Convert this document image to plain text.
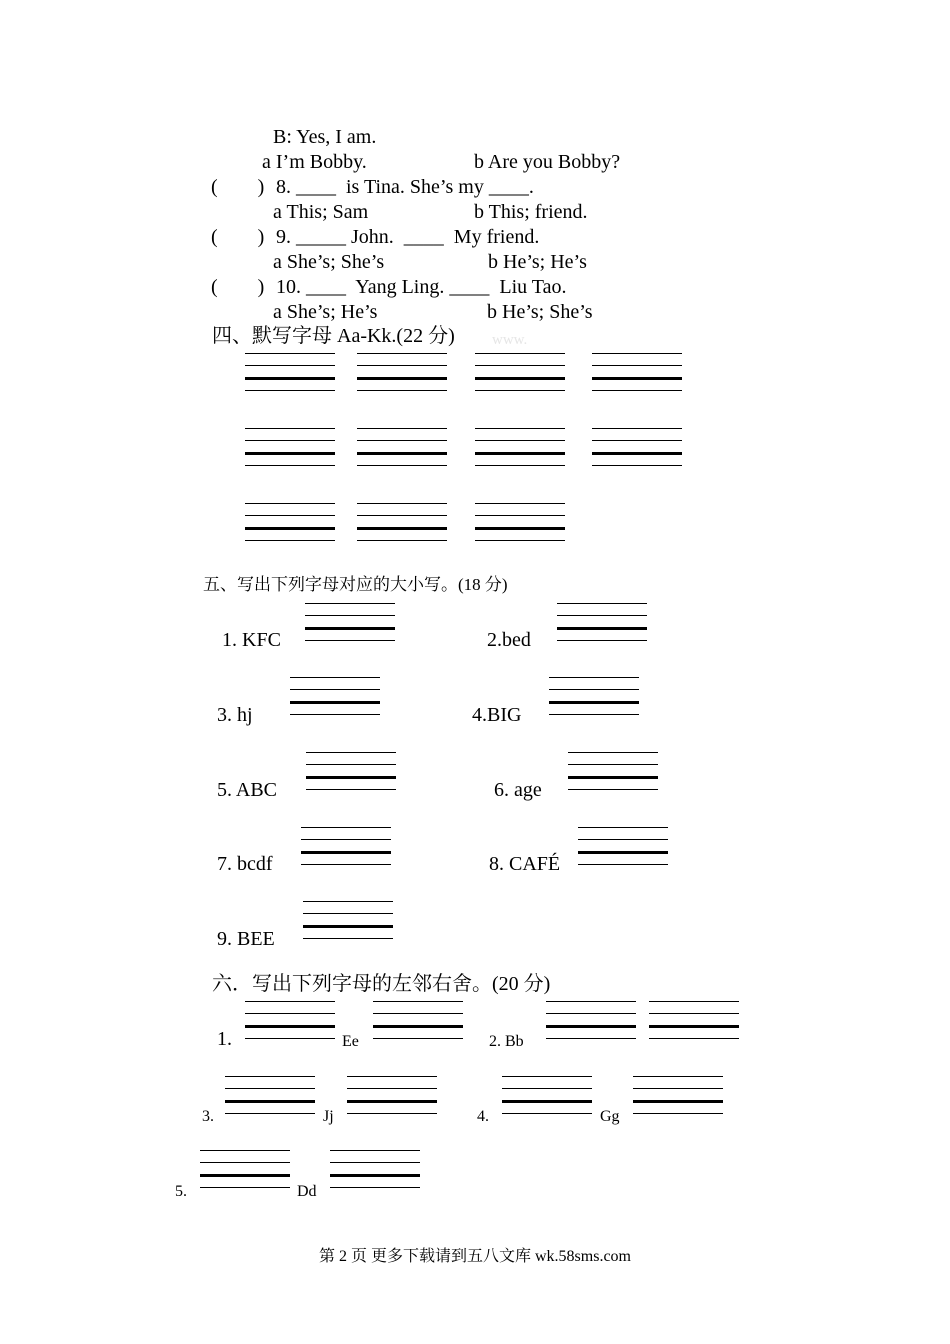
B: Yes, I am.
a I’m Bobby.	b Are you Bobby?
(        ) 8. ____  is Tina. She’s my ____.
a This; Sam	b This; friend.
(        ) 9. _____ John.  ____  My friend.
a She’s; She’s	b He’s; He’s
(        ) 10. ____  Yang Ling. ____  Liu Tao.
a She’s; He’s	b He’s; She’s
四、默写字母 Aa-Kk.(22 分) www.
五、写出下列字母对应的大小写。(18 分)
1. KFC	2.bed
3. hj	4.BIG
5. ABC	6. age
7. bcdf	8. CAFÉ
9. BEE
六．写出下列字母的左邻右舍。(20 分)
1.	Ee	2. Bb
3.	Jj	4.	Gg
5.	Dd
第 2 页 更多下载请到五八文库 wk.58sms.com
